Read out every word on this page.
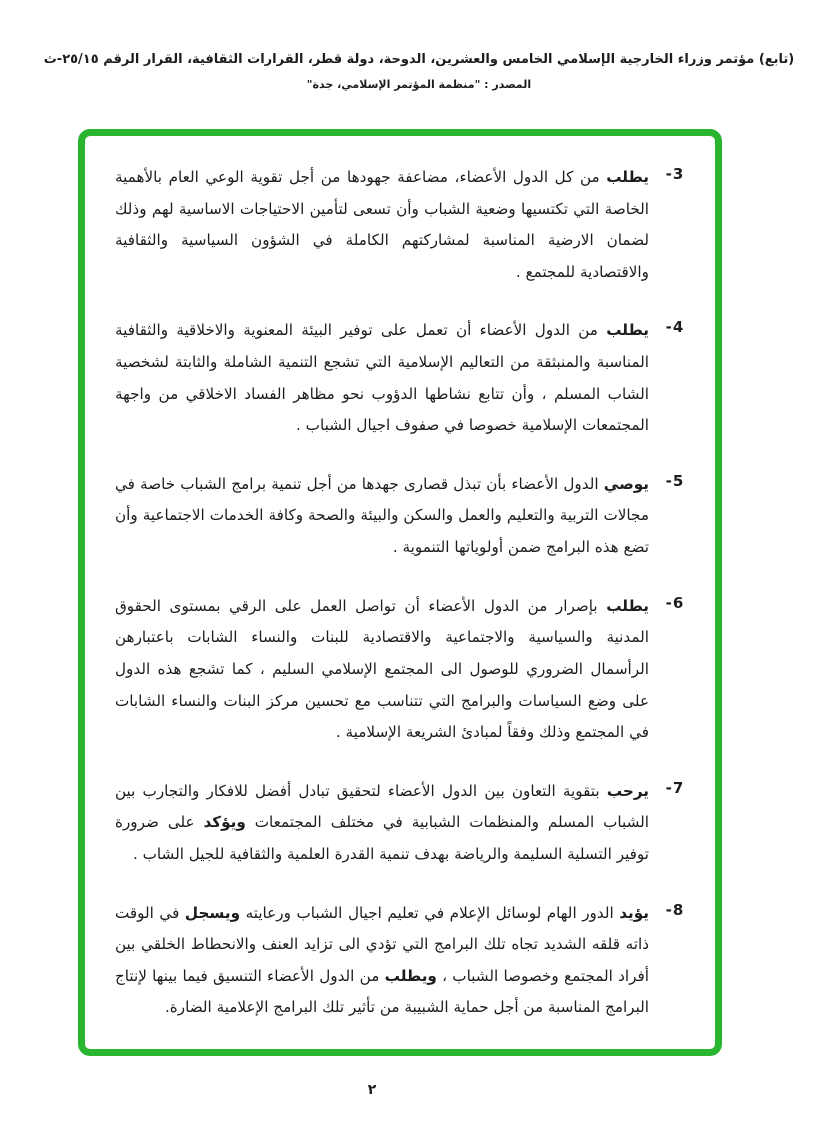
(تابع) مؤتمر وزراء الخارجية الإسلامي الخامس والعشرين، الدوحة، دولة قطر، القرارات الثقافية، القرار الرقم ٢٥/١٥-ث
المصدر : "منظمة المؤتمر الإسلامي، جدة"
-3
يطلب من كل الدول الأعضاء، مضاعفة جهودها من أجل تقوية الوعي العام بالأهمية الخاصة التي تكتسيها وضعية الشباب وأن تسعى لتأمين الاحتياجات الاساسية لهم وذلك لضمان الارضية المناسبة لمشاركتهم الكاملة في الشؤون السياسية والثقافية والاقتصادية للمجتمع .
-4
يطلب من الدول الأعضاء أن تعمل على توفير البيئة المعنوية والاخلاقية والثقافية المناسبة والمنبثقة من التعاليم الإسلامية التي تشجع التنمية الشاملة والثابتة لشخصية الشاب المسلم ، وأن تتابع نشاطها الدؤوب نحو مظاهر الفساد الاخلاقي من واجهة المجتمعات الإسلامية خصوصا في صفوف اجيال الشباب .
-5
يوصي الدول الأعضاء بأن تبذل قصارى جهدها من أجل تنمية برامج الشباب خاصة في مجالات التربية والتعليم والعمل والسكن والبيئة والصحة وكافة الخدمات الاجتماعية وأن تضع هذه البرامج ضمن أولوياتها التنموية .
-6
يطلب بإصرار من الدول الأعضاء أن تواصل العمل على الرقي بمستوى الحقوق المدنية والسياسية والاجتماعية والاقتصادية للبنات والنساء الشابات باعتبارهن الرأسمال الضروري للوصول الى المجتمع الإسلامي السليم ، كما تشجع هذه الدول على وضع السياسات والبرامج التي تتناسب مع تحسين مركز البنات والنساء الشابات في المجتمع وذلك وفقاً لمبادئ الشريعة الإسلامية .
-7
يرحب بتقوية التعاون بين الدول الأعضاء لتحقيق تبادل أفضل للافكار والتجارب بين الشباب المسلم والمنظمات الشبابية في مختلف المجتمعات ويؤكد على ضرورة توفير التسلية السليمة والرياضة بهدف تنمية القدرة العلمية والثقافية للجيل الشاب .
-8
يؤيد الدور الهام لوسائل الإعلام في تعليم اجيال الشباب ورعايته ويسجل في الوقت ذاته قلقه الشديد تجاه تلك البرامج التي تؤدي الى تزايد العنف والانحطاط الخلقي بين أفراد المجتمع وخصوصا الشباب ، ويطلب من الدول الأعضاء التنسيق فيما بينها لإنتاج البرامج المناسبة من أجل حماية الشبيبة من تأثير تلك البرامج الإعلامية الضارة.
٢
